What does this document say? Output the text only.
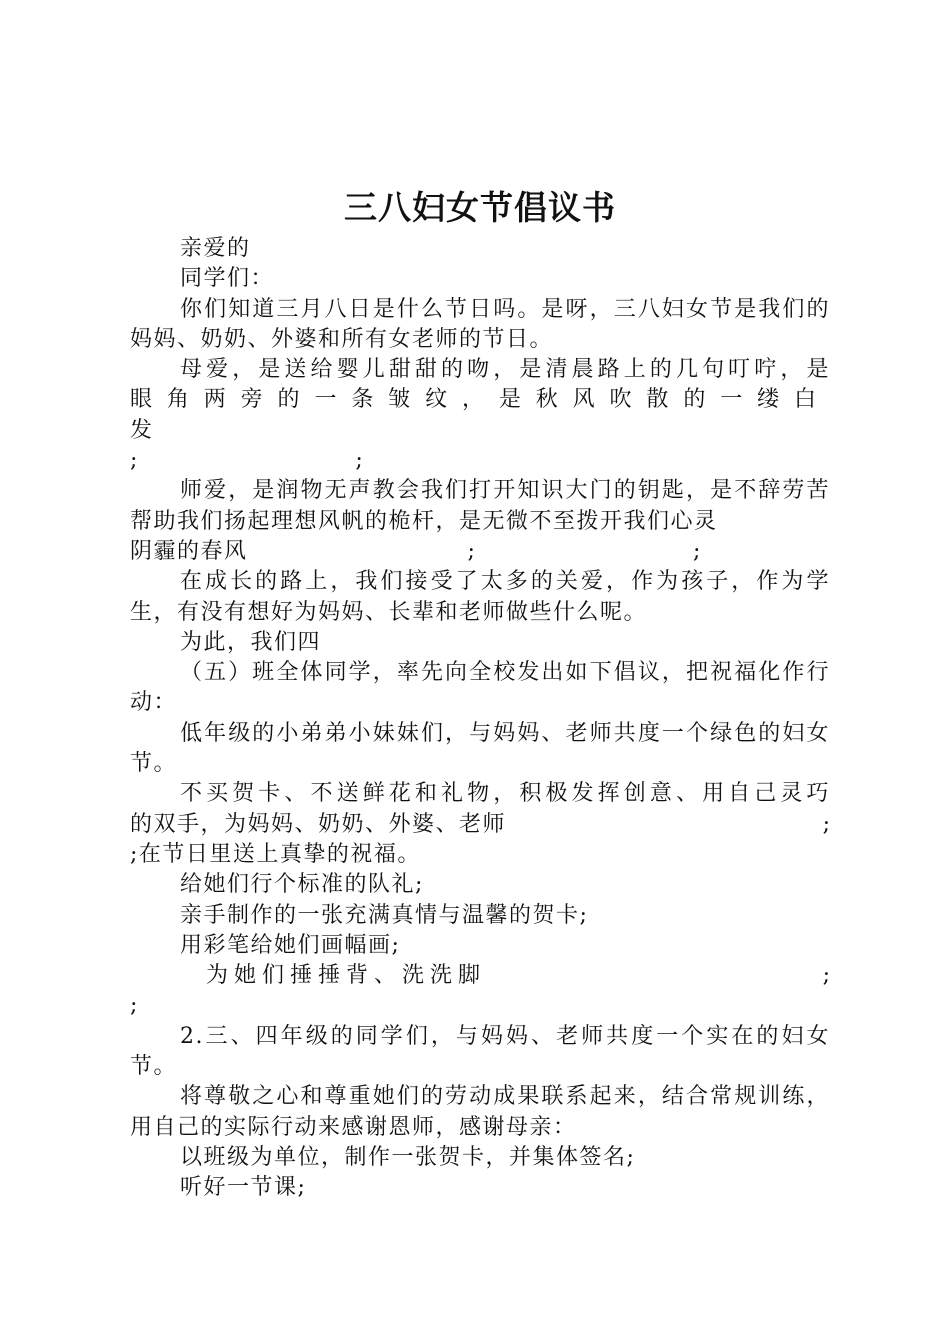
三八妇女节倡议书

亲爱的

同学们：

你们知道三月八日是什么节日吗。是呀，三八妇女节是我们的妈妈、奶奶、外婆和所有女老师的节日。

母爱，是送给婴儿甜甜的吻，是清晨路上的几句叮咛，是

眼角两旁的一条皱纹，是秋风吹散的一缕白发

;	;

师爱，是润物无声教会我们打开知识大门的钥匙，是不辞劳苦帮助我们扬起理想风帆的桅杆，是无微不至拨开我们心灵

阴霾的春风	;	;

在成长的路上，我们接受了太多的关爱，作为孩子，作为学生，有没有想好为妈妈、长辈和老师做些什么呢。

为此，我们四

（五）班全体同学，率先向全校发出如下倡议，把祝福化作行动：

低年级的小弟弟小妹妹们，与妈妈、老师共度一个绿色的妇女节。

不买贺卡、不送鲜花和礼物，积极发挥创意、用自己灵巧

的双手，为妈妈、奶奶、外婆、老师	;

;在节日里送上真挚的祝福。

给她们行个标准的队礼;

亲手制作的一张充满真情与温馨的贺卡;

用彩笔给她们画幅画;

为她们捶捶背、洗洗脚	;

;

2.三、四年级的同学们，与妈妈、老师共度一个实在的妇女节。

将尊敬之心和尊重她们的劳动成果联系起来，结合常规训练，用自己的实际行动来感谢恩师，感谢母亲：

以班级为单位，制作一张贺卡，并集体签名;

听好一节课;
